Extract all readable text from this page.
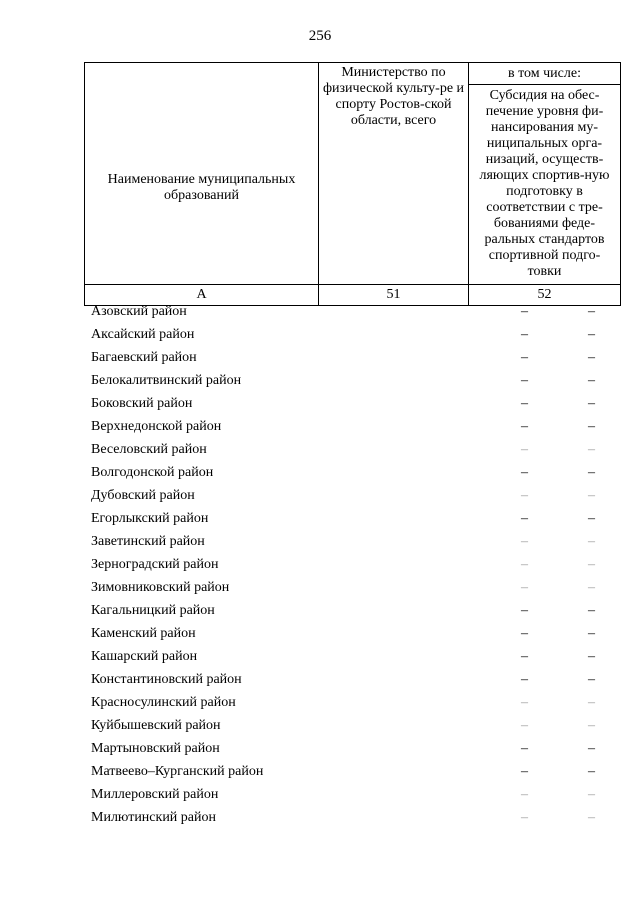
256
Наименование муниципальных образований	Министерство по физической культу-ре и спорту Ростов-ской области, всего	в том числе:
		Субсидия на обес-печение уровня фи-нансирования му-ниципальных орга-низаций, осуществ-ляющих спортив-ную подготовку в соответствии с тре-бованиями феде-ральных стандартов спортивной подго-товки
А	51	52
Азовский район	–	–
Аксайский район	–	–
Багаевский район	–	–
Белокалитвинский район	–	–
Боковский район	–	–
Верхнедонской район	–	–
Веселовский район	–	–
Волгодонской район	–	–
Дубовский район	–	–
Егорлыкский район	–	–
Заветинский район	–	–
Зерноградский район	–	–
Зимовниковский район	–	–
Кагальницкий район	–	–
Каменский район	–	–
Кашарский район	–	–
Константиновский район	–	–
Красносулинский район	–	–
Куйбышевский район	–	–
Мартыновский район	–	–
Матвеево–Курганский район	–	–
Миллеровский район	–	–
Милютинский район	–	–
